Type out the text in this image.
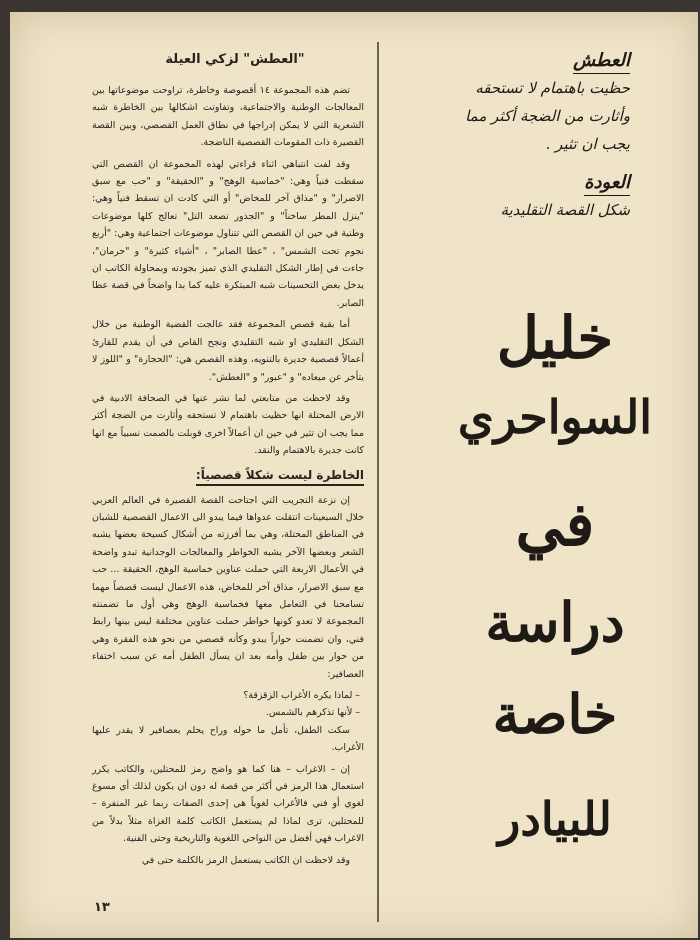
"العطش" لزكي العيلة

تضم هذه المجموعة ١٤ أقصوصة وخاطرة، تراوحت موضوعاتها بين المعالجات الوطنية والاجتماعية، وتفاوتت اشكالها بين الخاطرة شبه الشعرية التي لا يمكن إدراجها في نطاق العمل القصصي، وبين القصة القصيرة ذات المقومات القصصية الناضجة.

وقد لفت انتباهي اثناء قراءتي لهذه المجموعة ان القصص التي سقطت فنياً وهي: "خماسية الوهج" و "الحقيقة" و "حب مع سبق الاصرار" و "مذاق آخر للمخاض" أو التي كادت ان تسقط فنياً وهي: "ينزل المطر ساخناً" و "الجذور تصعد التل" تعالج كلها موضوعات وطنية في حين ان القصص التي تتناول موضوعات اجتماعية وهي: "أربع نجوم تحت الشمس" ، "عطا الصابر" ، "أشياء كثيرة" و "حرمان"، جاءت في إطار الشكل التقليدي الذي تميز بجودته وبمحاولة الكاتب ان يدخل بعض التحسينات شبه المبتكرة عليه كما بدا واضحاً في قصة عطا الصابر.

أما بقية قصص المجموعة فقد عالجت القضية الوطنية من خلال الشكل التقليدي او شبه التقليدي ونجح القاص في أن يقدم للقارئ أعمالاً قصصية جديرة بالتنويه، وهذه القصص هي: "الحجارة" و "اللوز لا يتأخر عن ميعاده" و "عبور" و "العطش".

وقد لاحظت من متابعتي لما نشر عنها في الصحافة الادبية في الارض المحتلة انها حظيت باهتمام لا تستحقه وأثارت من الضجة أكثر مما يجب ان تثير في حين ان أعمالاً اخرى قوبلت بالصمت نسبياً مع انها كانت جديرة بالاهتمام والنقد.

الخاطرة ليست شكلاً قصصياً:

إن نزعة التجريب التي اجتاحت القصة القصيرة في العالم العربي خلال السبعينات انتقلت عدواها فيما يبدو الى الاعمال القصصية للشبان في المناطق المحتلة، وهي بما أفرزته من أشكال كسيحة بعضها يشبه الشعر وبعضها الآخر يشبه الخواطر والمعالجات الوجدانية تبدو واضحة في الأعمال الاربعة التي حملت عناوين خماسية الوهج، الحقيقة ... حب مع سبق الاصرار، مذاق آخر للمخاض، هذه الاعمال ليست قصصاً مهما تسامحنا في التعامل معها فخماسية الوهج وهي أول ما تضمنته المجموعة لا تعدو كونها خواطر حملت عناوين مختلفة ليس بينها رابط فني، وان تضمنت حواراً يبدو وكأنه قصصي من نحو هذه الفقرة وهي من حوار بين طفل وأمه بعد ان يسأل الطفل أمه عن سبب اختفاء العصافير:

– لماذا يكره الأغراب الزقزقة؟

– لأنها تذكرهم بالشمس.

سكت الطفل، تأمل ما حوله وراح يحلم بعصافير لا يقدر عليها الأغراب.

إن – الاغراب – هنا كما هو واضح رمز للمحتلين، والكاتب يكرر استعمال هذا الرمز في أكثر من قصة له دون ان يكون لذلك أي مسوغ لغوي أو فني فالأغراب لغوياً هي إحدى الصفات ربما غير المنفرة – للمحتلين، ترى لماذا لم يستعمل الكاتب كلمة الغزاة مثلاً بدلاً من الاغراب فهي أفضل من النواحي اللغوية والتاريخية وحتى الفنية.

وقد لاحظت ان الكاتب يستعمل الرمز بالكلمة حتى في

١٣
العطش
حظيت باهتمام لا تستحقه وأثارت من الضجة أكثر مما يجب ان تثير .
العودة
شكل القصة التقليدية
خليل
السواحري
في
دراسة
خاصة
للبيادر
